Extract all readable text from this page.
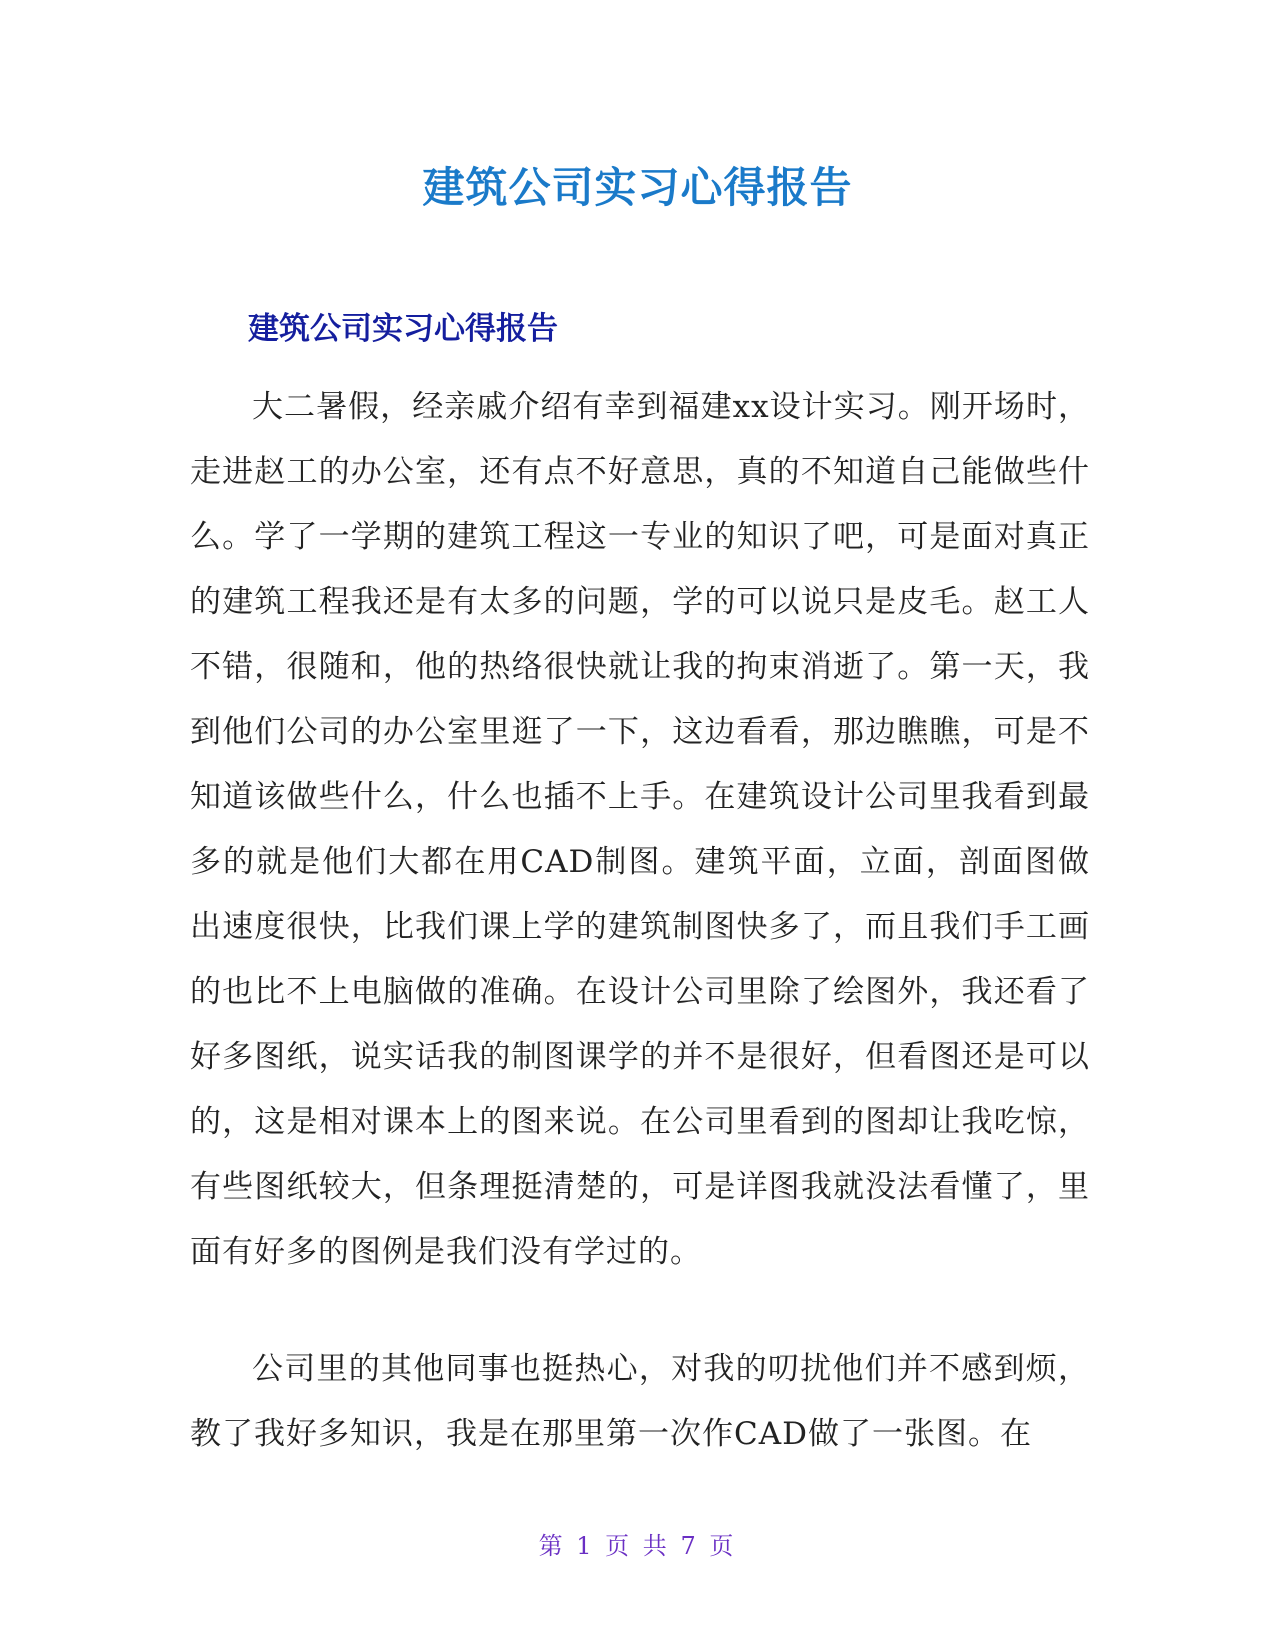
建筑公司实习心得报告
建筑公司实习心得报告

大二暑假，经亲戚介绍有幸到福建xx设计实习。刚开场时，走进赵工的办公室，还有点不好意思，真的不知道自己能做些什么。学了一学期的建筑工程这一专业的知识了吧，可是面对真正的建筑工程我还是有太多的问题，学的可以说只是皮毛。赵工人不错，很随和，他的热络很快就让我的拘束消逝了。第一天，我到他们公司的办公室里逛了一下，这边看看，那边瞧瞧，可是不知道该做些什么，什么也插不上手。在建筑设计公司里我看到最多的就是他们大都在用CAD制图。建筑平面，立面，剖面图做出速度很快，比我们课上学的建筑制图快多了，而且我们手工画的也比不上电脑做的准确。在设计公司里除了绘图外，我还看了好多图纸，说实话我的制图课学的并不是很好，但看图还是可以的，这是相对课本上的图来说。在公司里看到的图却让我吃惊，有些图纸较大，但条理挺清楚的，可是详图我就没法看懂了，里面有好多的图例是我们没有学过的。

公司里的其他同事也挺热心，对我的叨扰他们并不感到烦，教了我好多知识，我是在那里第一次作CAD做了一张图。在

第 1 页 共 7 页
